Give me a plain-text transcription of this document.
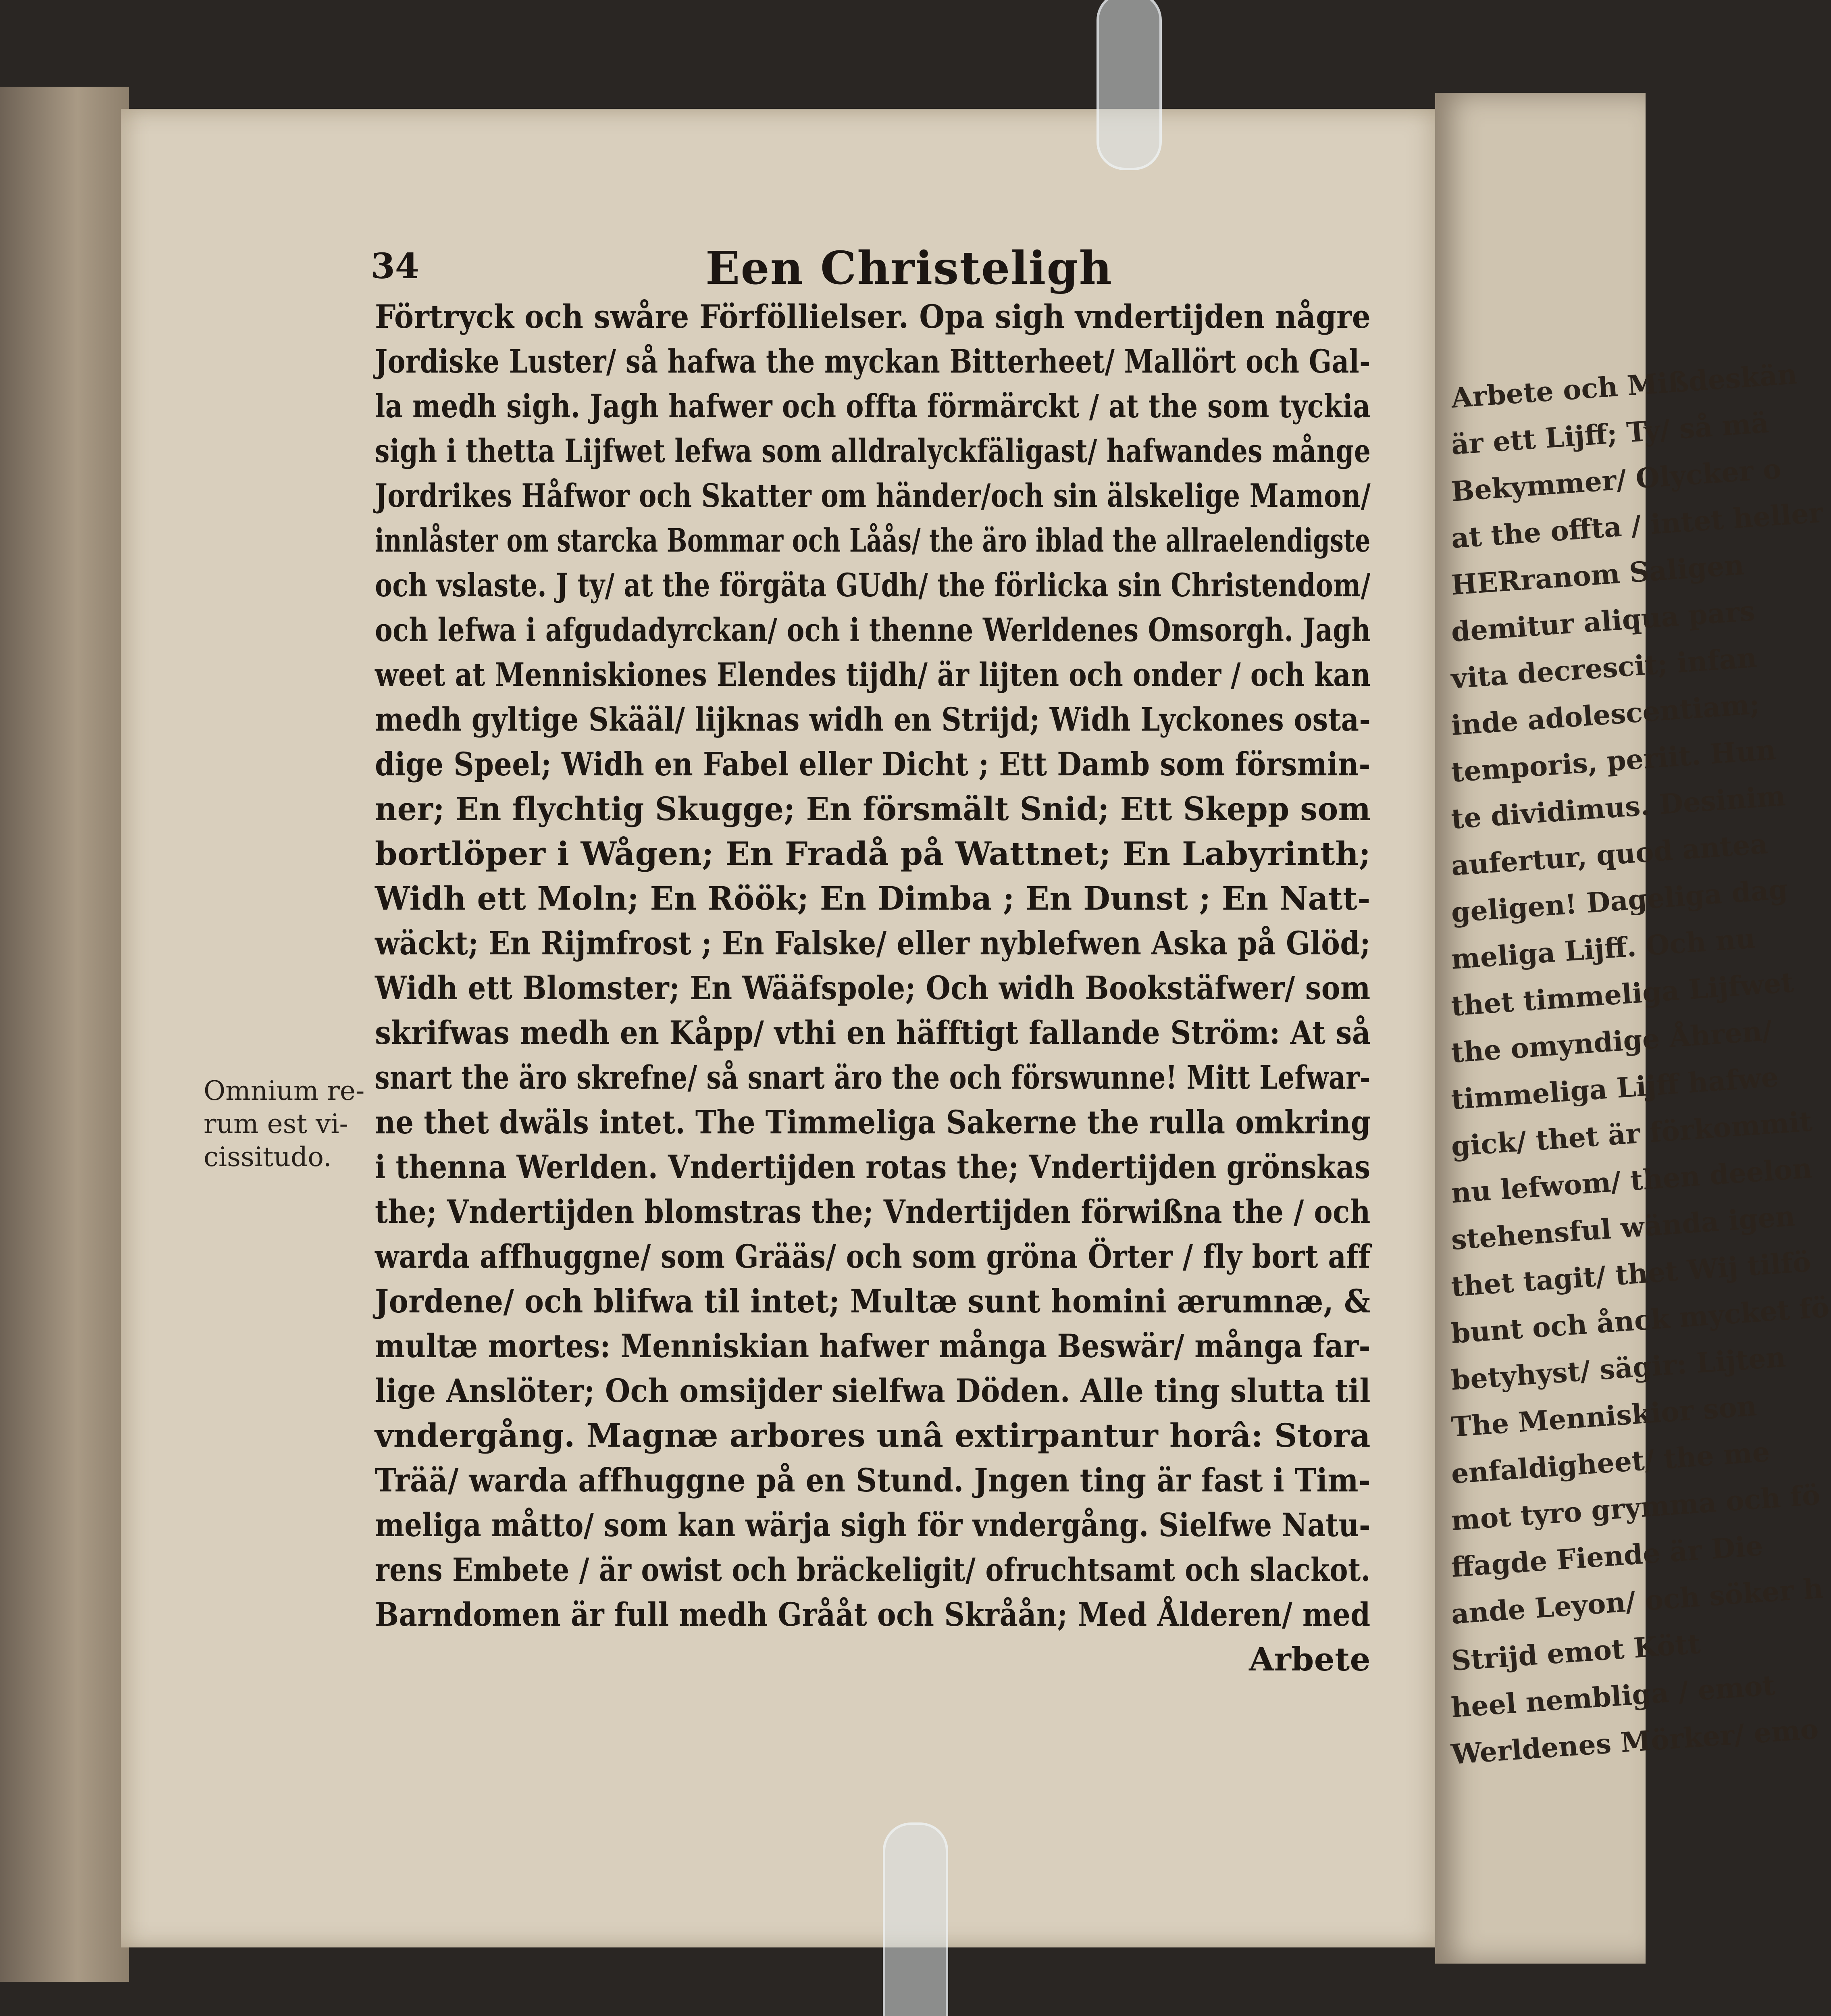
Arbete och Mißdeskän
är ett Lijff; Ty/ så mä
Bekymmer/ Olycker o
at the offta / intet heller
HERranom Saligen
demitur aliqua pars
vita decrescit; infan
inde adolescentiam;
temporis, periit. Hun
te dividimus. Desinim
aufertur, quod antea
geligen! Dageliga dag
meliga Lijff. Och nu
thet timmeliga Lijfwet
the omyndige Åhren/
timmeliga Lijff hafwe
gick/ thet är förkommit
nu lefwom/ then deelon
stehensful wända igen
thet tagit/ thet Wij tilfö
bunt och ånck mycket fö
betyhyst/ sägir: Lijten
The Menniskior son
enfaldigheet/ the me
mot tyro grymma och fö
ffagde Fiende är Die
ande Leyon/ och söker h
Strijd emot Kött
heel nembliga / emot
Werldenes Mörker/ emo
34	Een Christeligh
Förtryck och swåre Förföllielser. Opa sigh vndertijden någre
Jordiske Luster/ så hafwa the myckan Bitterheet/ Mallört och Gal-
la medh sigh. Jagh hafwer och offta förmärckt / at the som tyckia
sigh i thetta Lijfwet lefwa som alldralyckfäligast/ hafwandes månge
Jordrikes Håfwor och Skatter om händer/och sin älskelige Mamon/
innlåster om starcka Bommar och Låås/ the äro iblad the allraelendigste
och vslaste. J ty/ at the förgäta GUdh/ the förlicka sin Christendom/
och lefwa i afgudadyrckan/ och i thenne Werldenes Omsorgh. Jagh
weet at Menniskiones Elendes tijdh/ är lijten och onder / och kan
medh gyltige Skääl/ lijknas widh en Strijd; Widh Lyckones osta-
dige Speel; Widh en Fabel eller Dicht ; Ett Damb som försmin-
ner; En flychtig Skugge; En försmält Snid; Ett Skepp som
bortlöper i Wågen; En Fradå på Wattnet; En Labyrinth;
Widh ett Moln; En Röök; En Dimba ; En Dunst ; En Natt-
wäckt; En Rijmfrost ; En Falske/ eller nyblefwen Aska på Glöd;
Widh ett Blomster; En Wääfspole; Och widh Bookstäfwer/ som
skrifwas medh en Kåpp/ vthi en häfftigt fallande Ström: At så
snart the äro skrefne/ så snart äro the och förswunne! Mitt Lefwar-
ne thet dwäls intet. The Timmeliga Sakerne the rulla omkring
i thenna Werlden. Vndertijden rotas the; Vndertijden grönskas
the; Vndertijden blomstras the; Vndertijden förwißna the / och
warda affhuggne/ som Grääs/ och som gröna Örter / fly bort aff
Jordene/ och blifwa til intet; Multæ sunt homini ærumnæ, &
multæ mortes: Menniskian hafwer många Beswär/ många far-
lige Anslöter; Och omsijder sielfwa Döden. Alle ting slutta til
vndergång. Magnæ arbores unâ extirpantur horâ: Stora
Trää/ warda affhuggne på en Stund. Jngen ting är fast i Tim-
meliga måtto/ som kan wärja sigh för vndergång. Sielfwe Natu-
rens Embete / är owist och bräckeligit/ ofruchtsamt och slackot.
Barndomen är full medh Grååt och Skråån; Med Ålderen/ med
Arbete
Omnium re-
rum est vi-
cissitudo.
